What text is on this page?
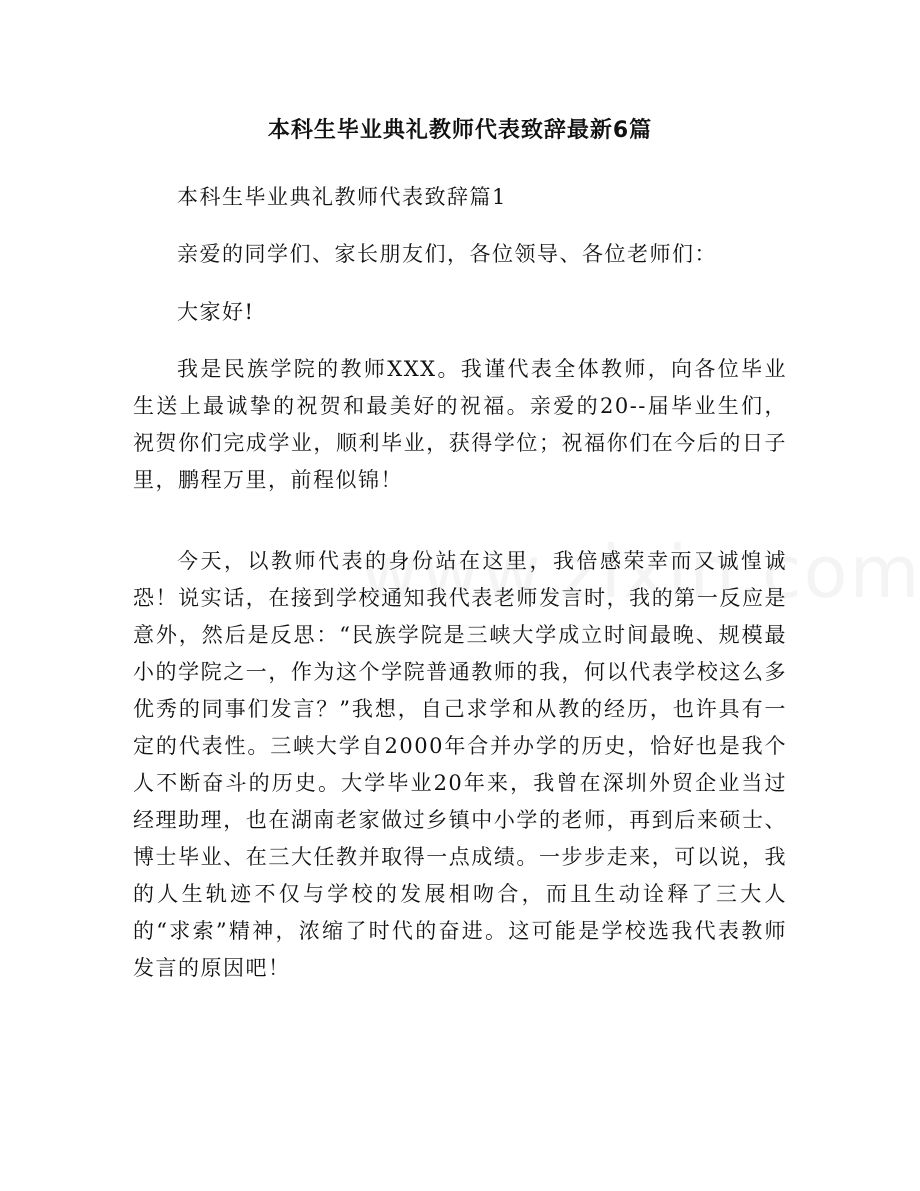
本科生毕业典礼教师代表致辞最新6篇

本科生毕业典礼教师代表致辞篇1

亲爱的同学们、家长朋友们，各位领导、各位老师们：

大家好!

我是民族学院的教师XXX。我谨代表全体教师，向各位毕业生送上最诚挚的祝贺和最美好的祝福。亲爱的20--届毕业生们，祝贺你们完成学业，顺利毕业，获得学位；祝福你们在今后的日子里，鹏程万里，前程似锦！

今天，以教师代表的身份站在这里，我倍感荣幸而又诚惶诚恐！说实话，在接到学校通知我代表老师发言时，我的第一反应是意外，然后是反思：“民族学院是三峡大学成立时间最晚、规模最小的学院之一，作为这个学院普通教师的我，何以代表学校这么多优秀的同事们发言？”我想，自己求学和从教的经历，也许具有一定的代表性。三峡大学自2000年合并办学的历史，恰好也是我个人不断奋斗的历史。大学毕业20年来，我曾在深圳外贸企业当过经理助理，也在湖南老家做过乡镇中小学的老师，再到后来硕士、博士毕业、在三大任教并取得一点成绩。一步步走来，可以说，我的人生轨迹不仅与学校的发展相吻合，而且生动诠释了三大人的“求索”精神，浓缩了时代的奋进。这可能是学校选我代表教师发言的原因吧！
